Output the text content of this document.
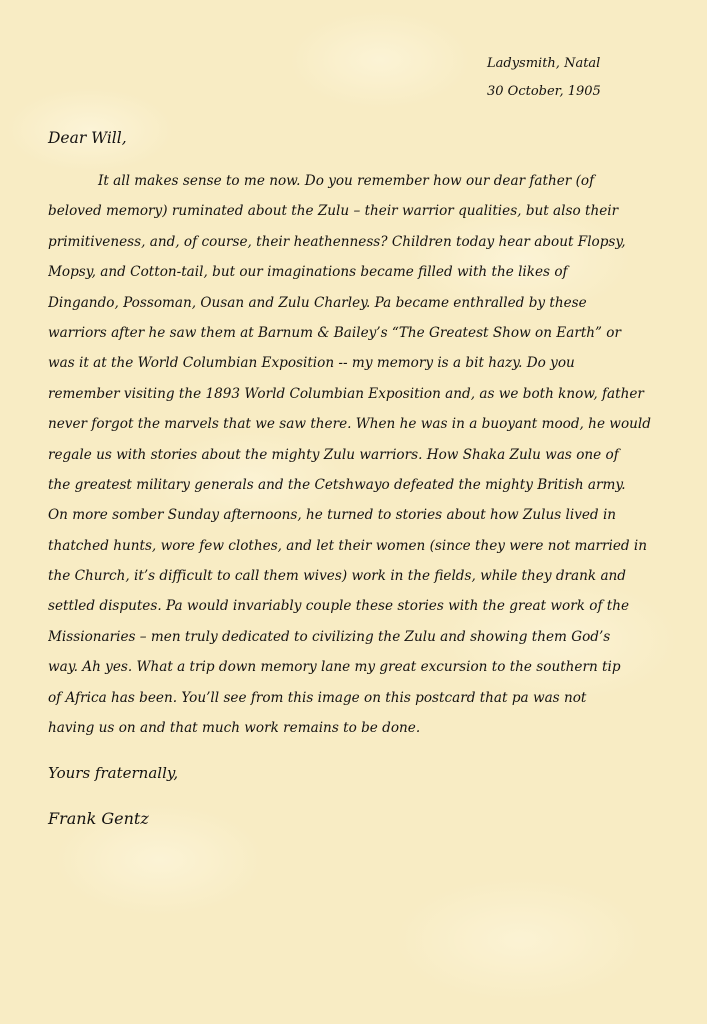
Ladysmith, Natal
30 October, 1905
Dear Will,
It all makes sense to me now. Do you remember how our dear father (of
beloved memory) ruminated about the Zulu – their warrior qualities, but also their
primitiveness, and, of course, their heathenness? Children today hear about Flopsy,
Mopsy, and Cotton-tail, but our imaginations became filled with the likes of
Dingando, Possoman, Ousan and Zulu Charley. Pa became enthralled by these
warriors after he saw them at Barnum & Bailey’s “The Greatest Show on Earth” or
was it at the World Columbian Exposition -- my memory is a bit hazy. Do you
remember visiting the 1893 World Columbian Exposition and, as we both know, father
never forgot the marvels that we saw there. When he was in a buoyant mood, he would
regale us with stories about the mighty Zulu warriors. How Shaka Zulu was one of
the greatest military generals and the Cetshwayo defeated the mighty British army.
On more somber Sunday afternoons, he turned to stories about how Zulus lived in
thatched hunts, wore few clothes, and let their women (since they were not married in
the Church, it’s difficult to call them wives) work in the fields, while they drank and
settled disputes. Pa would invariably couple these stories with the great work of the
Missionaries – men truly dedicated to civilizing the Zulu and showing them God’s
way. Ah yes. What a trip down memory lane my great excursion to the southern tip
of Africa has been. You’ll see from this image on this postcard that pa was not
having us on and that much work remains to be done.
Yours fraternally,
Frank Gentz
